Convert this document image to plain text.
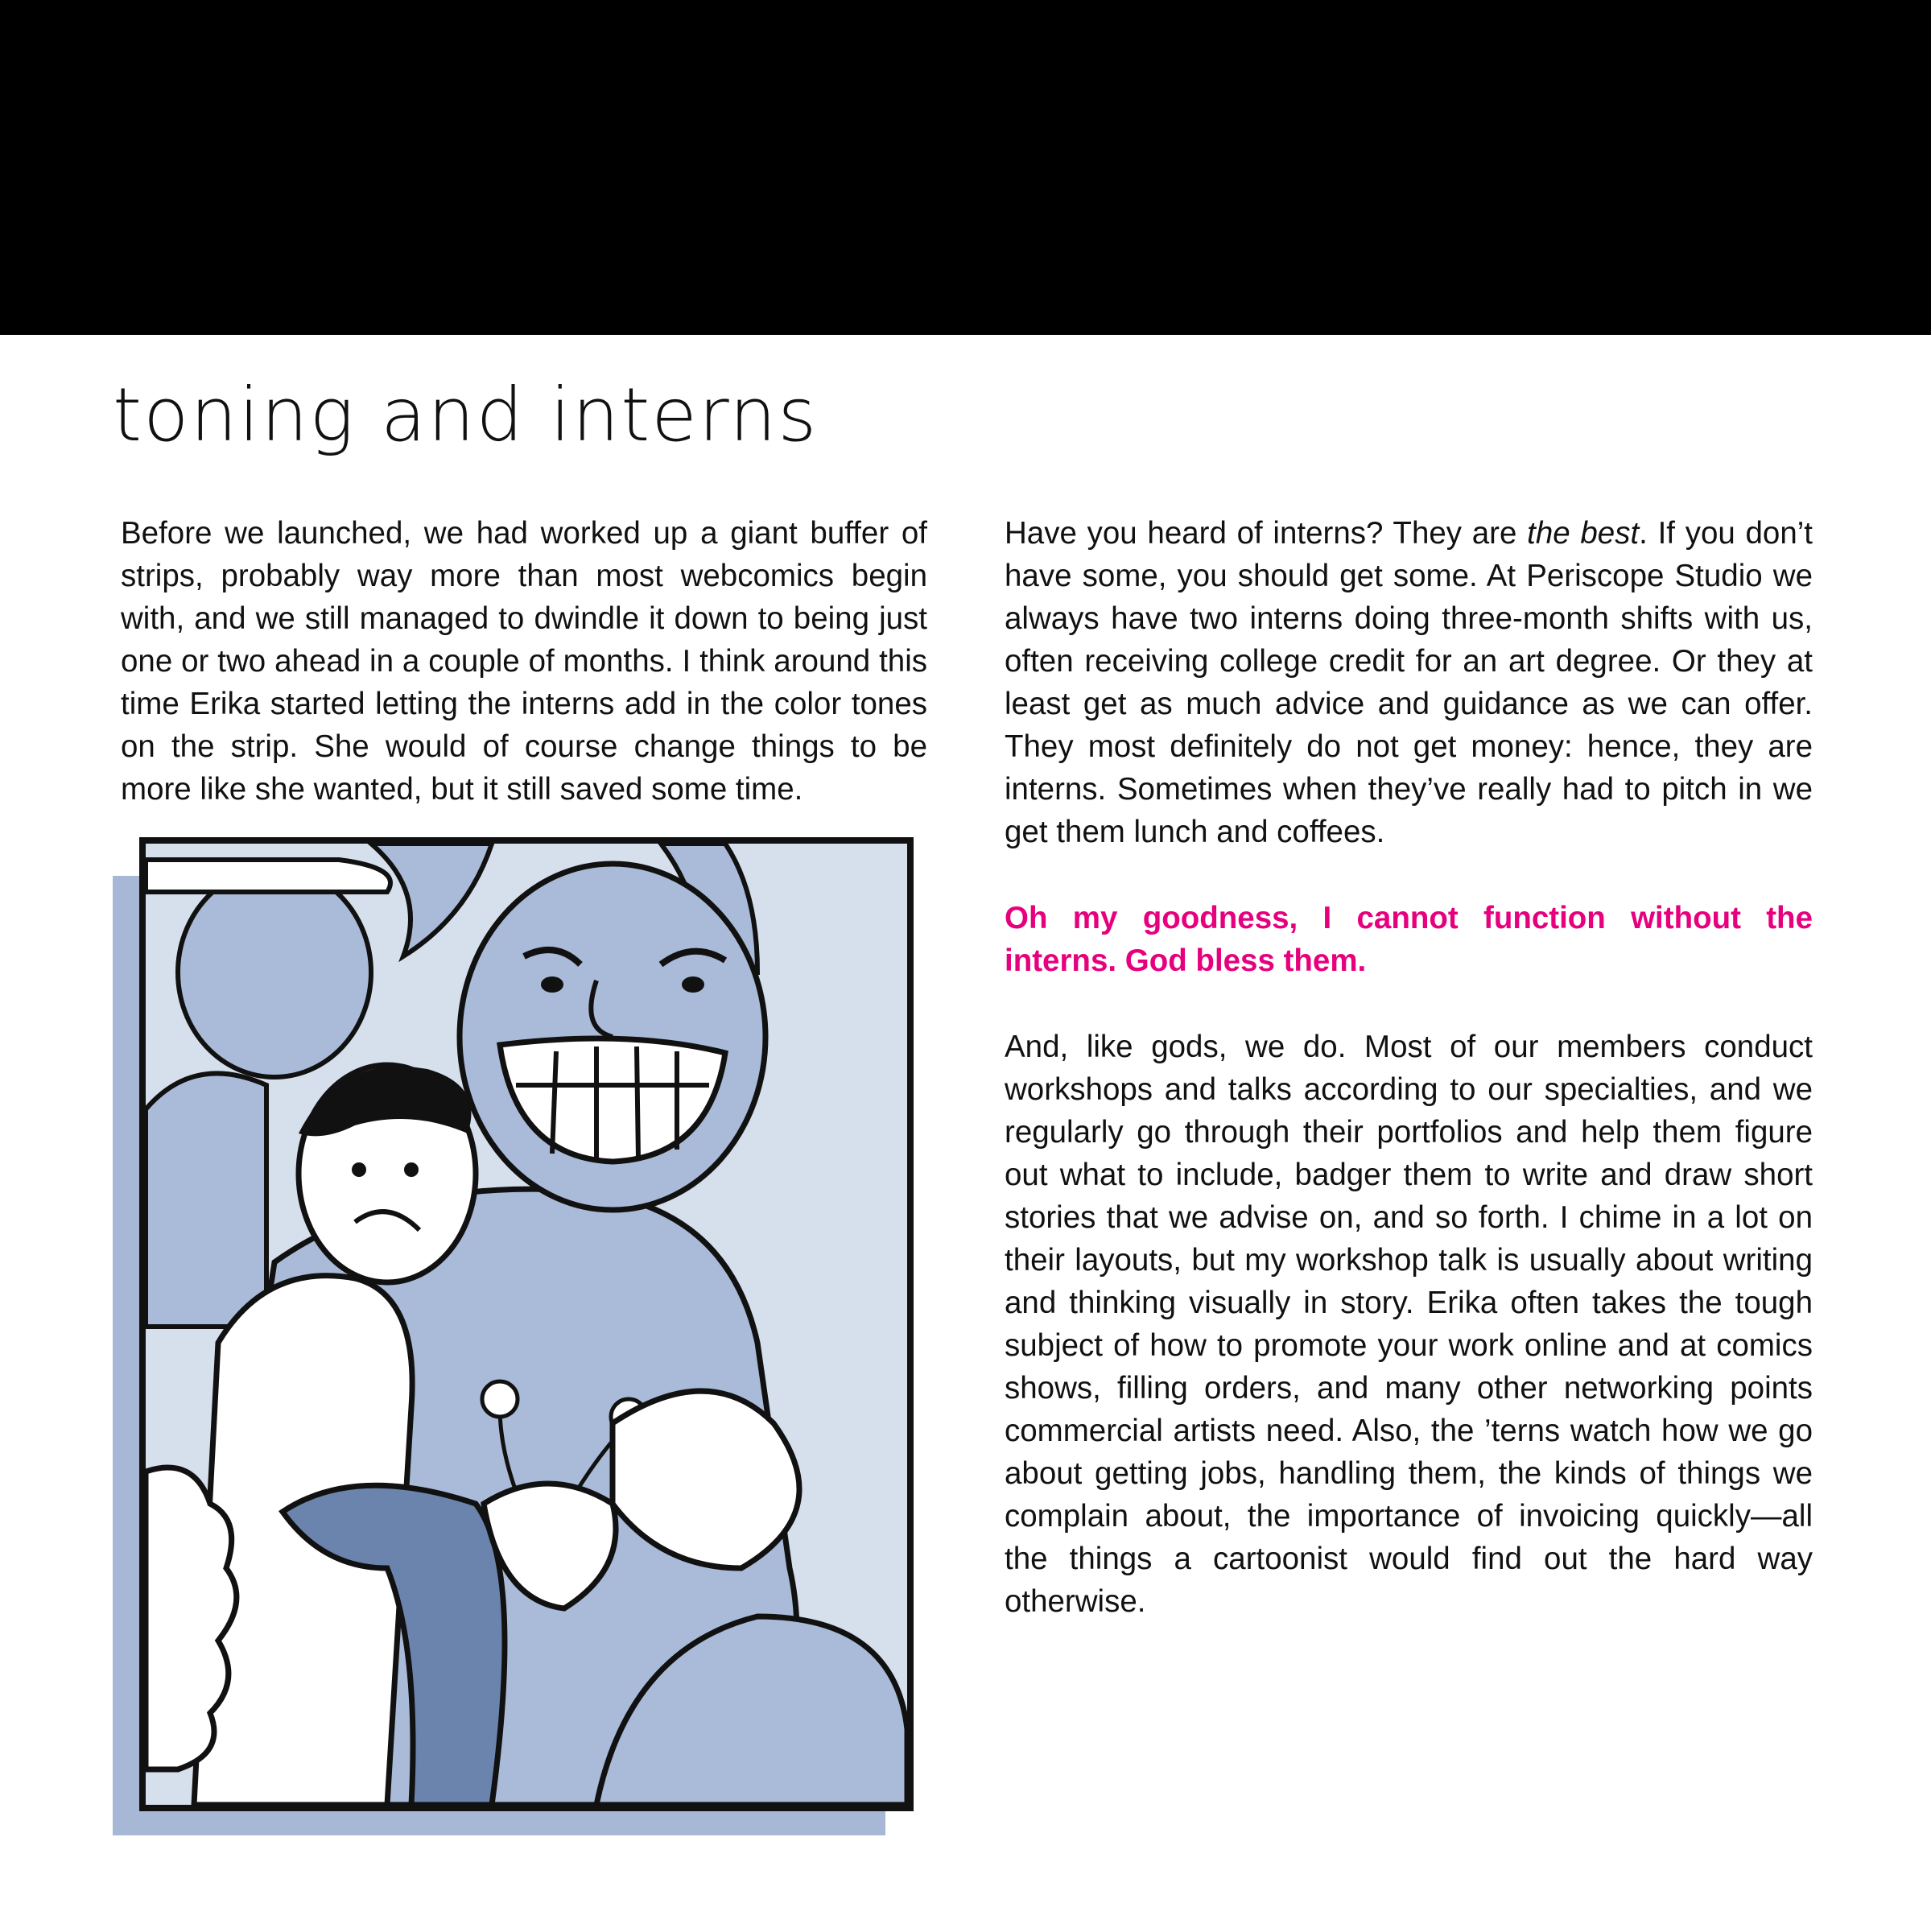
toning and interns

Before we launched, we had worked up a giant buffer of strips, probably way more than most webcomics begin with, and we still managed to dwindle it down to being just one or two ahead in a couple of months. I think around this time Erika started letting the interns add in the color tones on the strip. She would of course change things to be more like she wanted, but it still saved some time.

Have you heard of interns? They are the best. If you don’t have some, you should get some. At Periscope Studio we always have two interns doing three-month shifts with us, often receiving college credit for an art degree. Or they at least get as much advice and guidance as we can offer. They most definitely do not get money: hence, they are interns. Sometimes when they’ve really had to pitch in we get them lunch and coffees.

Oh my goodness, I cannot function without the interns. God bless them.

And, like gods, we do. Most of our members conduct workshops and talks according to our specialties, and we regularly go through their portfolios and help them figure out what to include, badger them to write and draw short stories that we advise on, and so forth. I chime in a lot on their layouts, but my workshop talk is usually about writing and thinking visually in story. Erika often takes the tough subject of how to promote your work online and at comics shows, filling orders, and many other networking points commercial artists need. Also, the ’terns watch how we go about getting jobs, handling them, the kinds of things we complain about, the importance of invoicing quickly—all the things a cartoonist would find out the hard way otherwise.
